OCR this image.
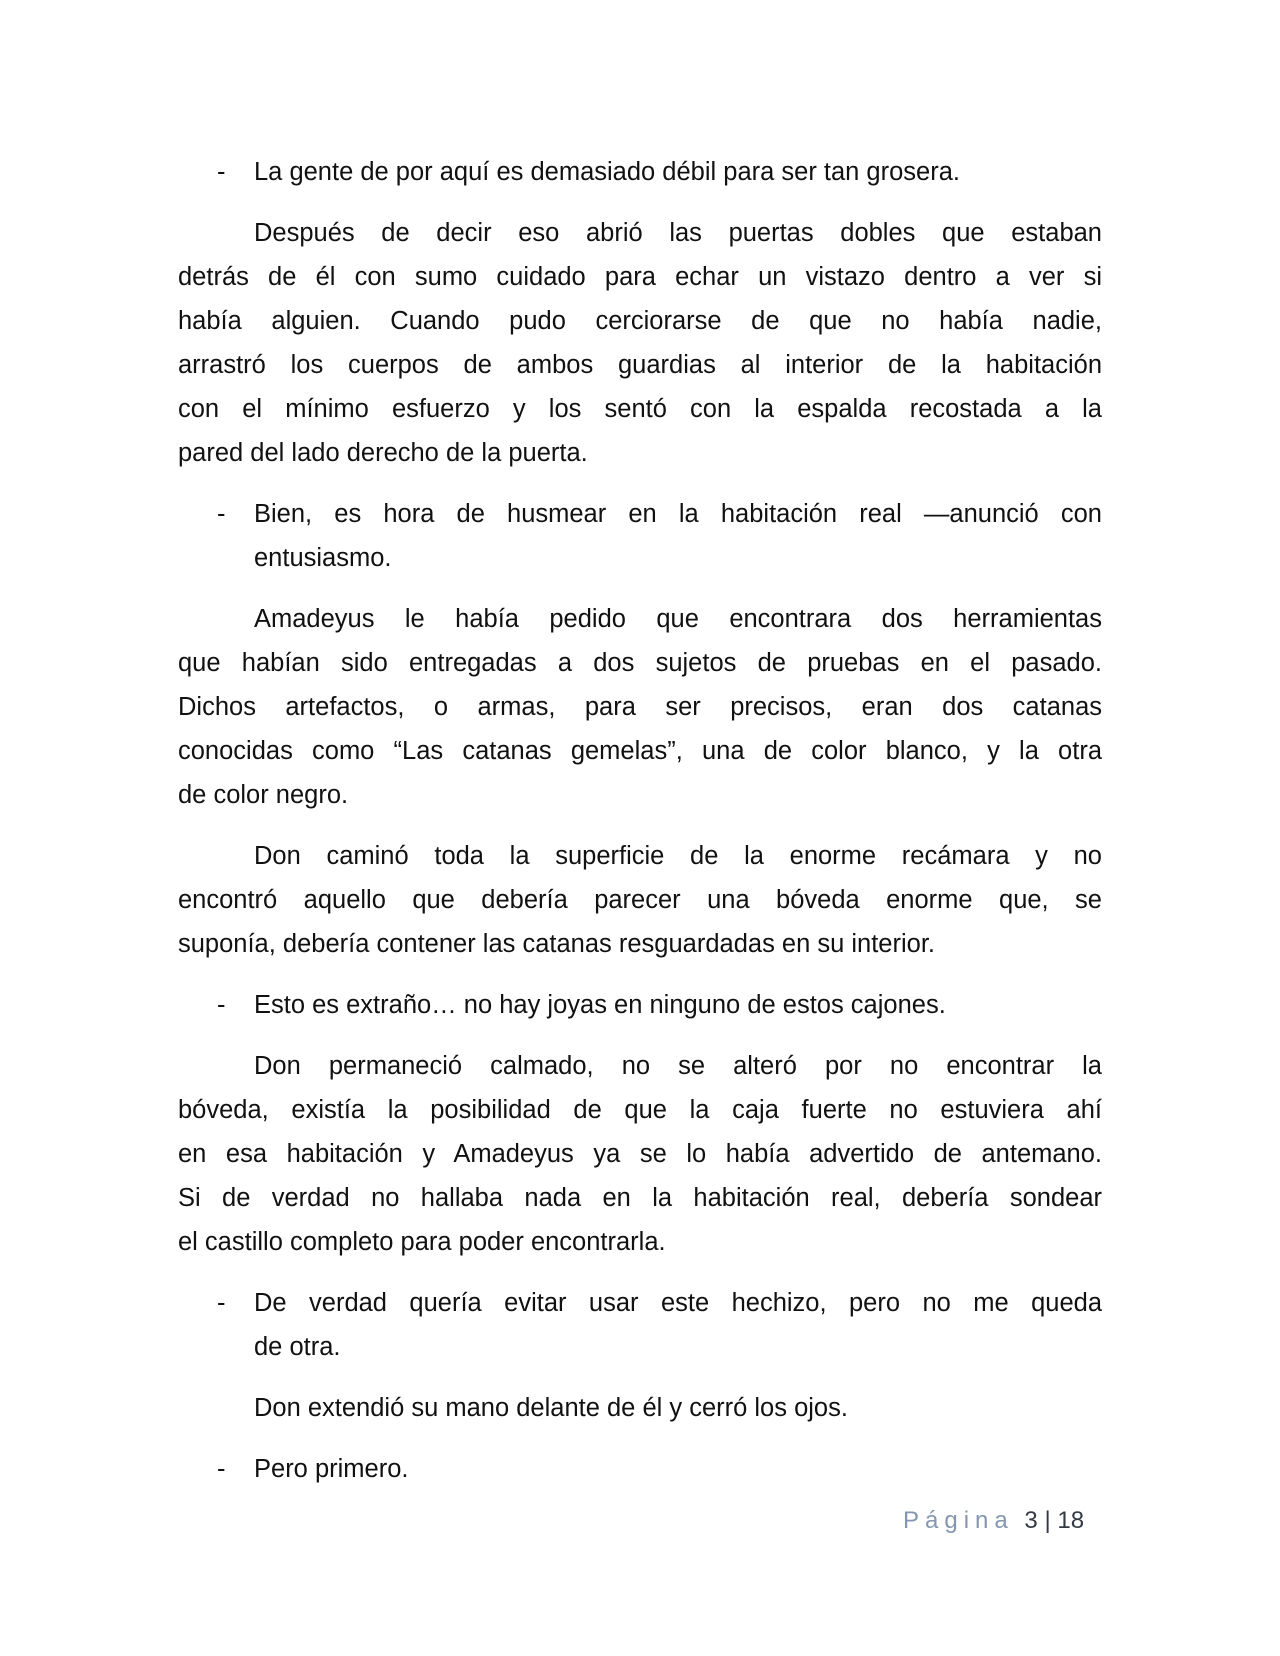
- La gente de por aquí es demasiado débil para ser tan grosera.
Después de decir eso abrió las puertas dobles que estaban
detrás de él con sumo cuidado para echar un vistazo dentro a ver si
había alguien. Cuando pudo cerciorarse de que no había nadie,
arrastró los cuerpos de ambos guardias al interior de la habitación
con el mínimo esfuerzo y los sentó con la espalda recostada a la
pared del lado derecho de la puerta.
- Bien, es hora de husmear en la habitación real —anunció con
entusiasmo.
Amadeyus le había pedido que encontrara dos herramientas
que habían sido entregadas a dos sujetos de pruebas en el pasado.
Dichos artefactos, o armas, para ser precisos, eran dos catanas
conocidas como “Las catanas gemelas”, una de color blanco, y la otra
de color negro.
Don caminó toda la superficie de la enorme recámara y no
encontró aquello que debería parecer una bóveda enorme que, se
suponía, debería contener las catanas resguardadas en su interior.
- Esto es extraño… no hay joyas en ninguno de estos cajones.
Don permaneció calmado, no se alteró por no encontrar la
bóveda, existía la posibilidad de que la caja fuerte no estuviera ahí
en esa habitación y Amadeyus ya se lo había advertido de antemano.
Si de verdad no hallaba nada en la habitación real, debería sondear
el castillo completo para poder encontrarla.
- De verdad quería evitar usar este hechizo, pero no me queda
de otra.
Don extendió su mano delante de él y cerró los ojos.
- Pero primero.
Página 3 | 18
